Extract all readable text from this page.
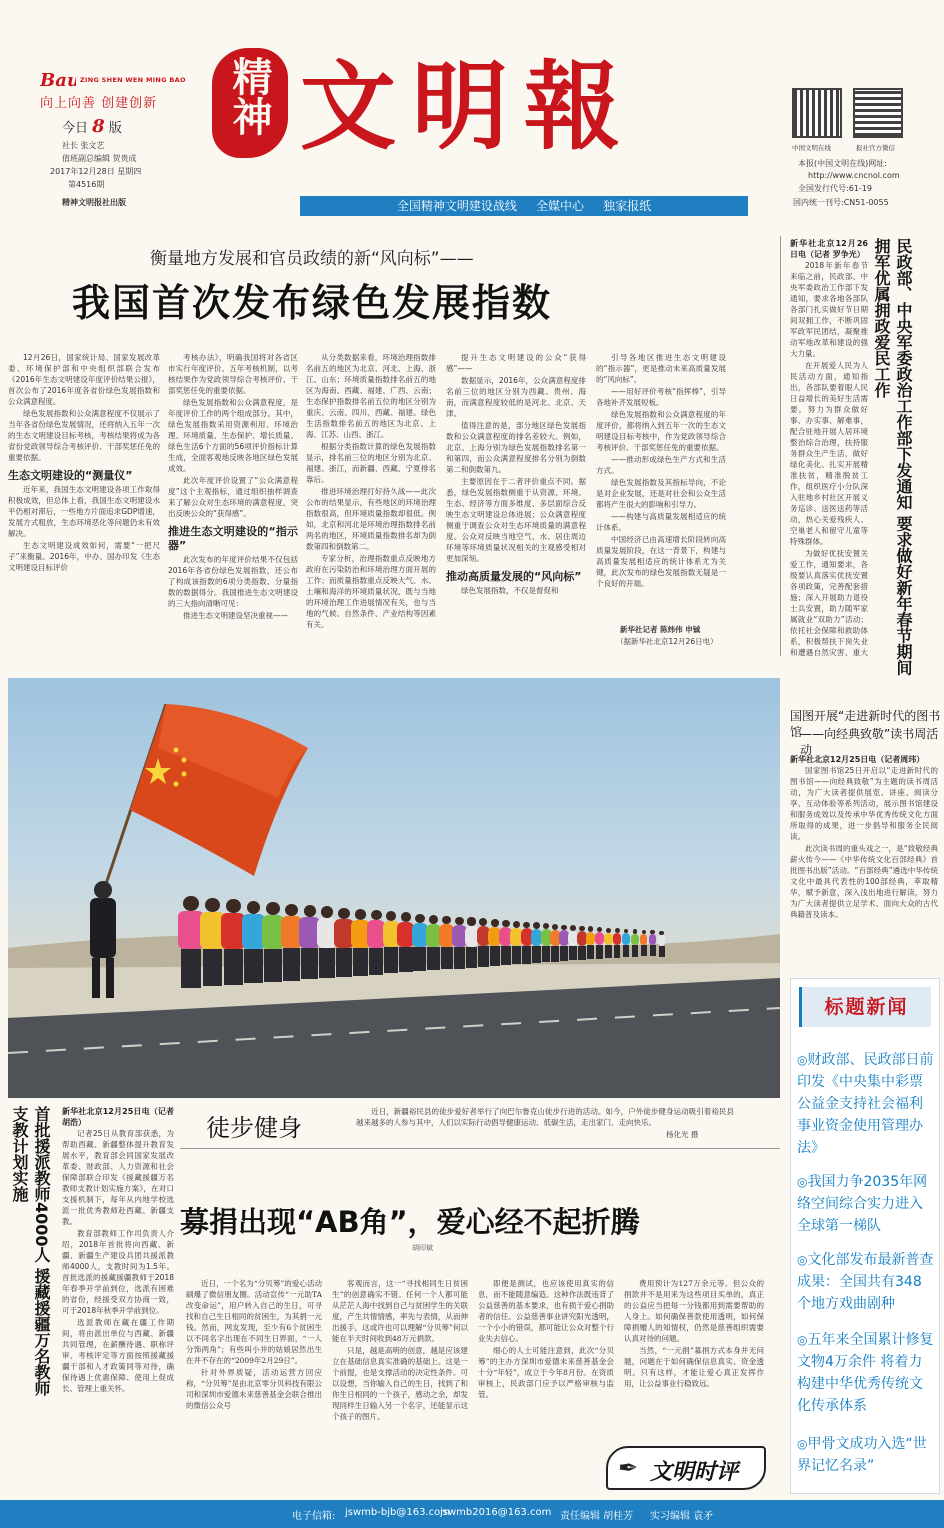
Bau ZING SHEN WEN MING BAO
向上向善 创建创新
今日 8 版
社长 张文艺
值班副总编辑 贺贵成
2017年12月28日 星期四
第4516期
精神文明报社出版
精神 文明報	中国文明在线	报社官方微信
本报(中国文明在线)网址:
http://www.cncnol.com
全国发行代号:61-19
国内统一刊号:CN51-0055
全国精神文明建设战线     全媒中心     独家报纸
衡量地方发展和官员政绩的新“风向标”——
我国首次发布绿色发展指数

12月26日，国家统计局、国家发展改革委、环境保护部和中央组织部联合发布《2016年生态文明建设年度评价结果公报》，首次公布了2016年度各省份绿色发展指数和公众满意程度。

绿色发展指数和公众满意程度不仅展示了当年各省份绿色发展情况，还将纳入五年一次的生态文明建设目标考核，考核结果将成为各省份党政领导综合考核评价、干部奖惩任免的重要依据。

生态文明建设的“测量仪”

近年来，我国生态文明建设各项工作取得积极成效，但总体上看，我国生态文明建设水平仍相对滞后，一些地方片面追求GDP增速，发展方式粗放，生态环境恶化等问题仍未有效解决。

生态文明建设成效如何，需要“一把尺子”来衡量。2016年，中办、国办印发《生态文明建设目标评价

考核办法》，明确我国将对各省区市实行年度评价、五年考核机制，以考核结果作为党政领导综合考核评价、干部奖惩任免的重要依据。

绿色发展指数和公众满意程度，是年度评价工作的两个组成部分。其中，绿色发展指数采用资源利用、环境治理、环境质量、生态保护、增长质量、绿色生活6个方面的56项评价指标计算生成，全面客观地反映各地区绿色发展成效。

此次年度评价设置了“公众满意程度”这个主观指标，通过组织抽样调查来了解公众对生态环境的满意程度，突出反映公众的“获得感”。

推进生态文明建设的“指示器”

此次发布的年度评价结果不仅包括2016年各省份绿色发展指数，还公布了构成该指数的6项分类指数、分量指数的数据得分。我国推进生态文明建设的三大指向清晰可见：

推进生态文明建设坚决重视——

从分类数据来看，环境治理指数排名前五的地区为北京、河北、上海、浙江、山东；环境质量指数排名前五的地区为海南、西藏、福建、广西、云南；生态保护指数排名前五位的地区分别为重庆、云南、四川、西藏、福建。绿色生活指数排名前五的地区为北京、上海、江苏、山西、浙江。

根据分类指数计算的绿色发展指数显示，排名前三位的地区分别为北京、福建、浙江，而新疆、西藏、宁夏排名靠后。

推进环境治理打好持久战——此次公布的结果显示，有些地区的环境治理指数很高，但环境质量指数却很低。例如，北京和河北是环境治理指数排名前两名的地区，环境质量指数排名却为倒数第四和倒数第二。

专家分析，治理指数重点反映地方政府在污染防治和环境治理方面开展的工作；而质量指数重点反映大气、水、土壤和海洋的环境质量状况，既与当地的环境治理工作进展情况有关，也与当地的气候、自然条件、产业结构等因素有关。

提升生态文明建设的公众“获得感”——

数据显示，2016年，公众满意程度排名前三位的地区分别为西藏、贵州、海南，而满意程度较低的是河北、北京、天津。

值得注意的是，部分地区绿色发展指数和公众满意程度的排名差较大。例如，北京、上海分别为绿色发展指数排名第一和第四，而公众满意程度排名分别为倒数第二和倒数第九。

主要原因在于二者评价重点不同。据悉，绿色发展指数侧重于从资源、环境、生态、经济等方面多维度、多层面综合反映生态文明建设总体进展；公众满意程度侧重于调查公众对生态环境质量的满意程度。公众对反映当地空气、水、居住周边环境等环境质量状况相关的主观感受相对更加深刻。

推动高质量发展的“风向标”

绿色发展指数，不仅是督促和

引导各地区推进生态文明建设的“指示器”，更是推动未来高质量发展的“风向标”。

——用好评价考核“指挥棒”，引导各地补齐发展短板。

绿色发展指数和公众满意程度的年度评价，都将纳入到五年一次的生态文明建设目标考核中，作为党政领导综合考核评价、干部奖惩任免的重要依据。

——推动形成绿色生产方式和生活方式。

绿色发展指数及其指标导向，不论是对企业发展，还是对社会和公众生活都将产生很大的影响和引导力。

——构建与高质量发展相适应的统计体系。

中国经济已由高速增长阶段转向高质量发展阶段，在这一背景下，构建与高质量发展相适应的统计体系尤为关键，此次发布的绿色发展指数无疑是一个良好的开端。

新华社记者 陈炜伟 申铖
（据新华社北京12月26日电）	民政部、中央军委政治工作部下发通知 要求做好新年春节期间拥军优属拥政爱民工作

新华社北京12月26日电（记者 罗争光）

2018年新年春节来临之前，民政部、中央军委政治工作部下发通知，要求各地各部队各部门扎实做好节日期间双拥工作，不断巩固军政军民团结，凝聚推动军地改革和建设的强大力量。

在开展爱人民为人民活动方面，通知指出，各部队要着眼人民日益增长的美好生活需要，努力为群众做好事、办实事、解难事，配合驻地开展人居环境整治综合治理，扶持服务群众生产生活，做好绿化美化、扎实开展精准扶贫，精准脱贫工作，组织医疗小分队深入驻地乡村社区开展义务巡诊、送医送药等活动，热心关爱残疾人、空巢老人和留守儿童等特殊群体。

为做好优抚安置关爱工作，通知要求，各级要认真落实优抚安置各项政策，完善配套措施；深入开展助力退役士兵安置，助力随军家属就业“双助力”活动；依托社会保障和救助体系，积极帮扶下岗失业和遭遇自然灾害、重大

国图开展“走进新时代的图书馆
——向经典致敬”读书周活动

新华社北京12月25日电（记者周玮）

国家图书馆25日开启以“走进新时代的图书馆——向经典致敬”为主题的读书周活动，为广大读者提供展览、讲座、阅读分享、互动体验等系列活动，展示图书馆建设和服务成效以及传承中华优秀传统文化方面所取得的成果，进一步倡导和服务全民阅读。

此次读书周的重头戏之一，是“致敬经典 薪火传今——《中华传统文化百部经典》首批图书出版”活动。“百部经典”遴选中华传统文化中最具代表性的100部经典，萃取精华，赋予新意，深入浅出地进行解读，努力为广大读者提供立足学术、面向大众的古代典籍普及读本。

徒步健身
近日，新疆裕民县的徒步爱好者举行了向巴尔鲁克山徒步行进的活动。如今，户外徒步健身运动吸引着裕民县越来越多的人参与其中，人们以实际行动倡导健康运动、低碳生活，走出家门、走向快乐。
杨化光 摄
首批援派教师4000人 援藏援疆万名教师支教计划实施	新华社北京12月25日电（记者胡浩）

记者25日从教育部获悉，为帮助西藏、新疆整体提升教育发展水平，教育部会同国家发展改革委、财政部、人力资源和社会保障部联合印发《援藏援疆万名教师支教计划实施方案》，在对口支援机制下，每年从内地学校选派一批优秀教师赴西藏、新疆支教。

教育部教师工作司负责人介绍，2018年首批将向西藏、新疆、新疆生产建设兵团共援派教师4000人，支教时间为1.5年。首批选派的援藏援疆教师于2018年春季开学前到位，选派有困难的省份，经援受双方协商一致，可于2018年秋季开学前到位。

选派教师在藏在疆工作期间，将由派出单位与西藏、新疆共同管理，在薪酬待遇、职称评审、考核评定等方面按照援藏援疆干部和人才政策同等对待，确保待遇上优惠保障、使用上促成长、管理上重关怀。

募捐出现“AB角”，爱心经不起折腾
胡印斌

近日，一个名为“分贝筹”的爱心活动刷爆了微信朋友圈。活动宣传“一元助TA改变命运”，用户转入自己的生日，可寻找和自己生日相同的贫困生，为其捐一元钱。然而，网友发现，至少有6个贫困生以不同名字出现在不同生日界面，“一人分饰两角”；有些叫小井的姑娘居然出生在并不存在的“2009年2月29日”。

针对外界质疑，活动运营方回应称，“分贝筹”是由北京零分贝科技有限公司和深圳市爱德未来慈善基金会联合推出的微信公众号

客观而言，这一“寻找相同生日贫困生”的创意确实不错。任何一个人都可能从茫茫人海中找到自己与贫困学生的关联度，产生共情情感，率先与表情，从而伸出援手，这或许也可以理解“分贝筹”何以能在半天时间收到48万元捐款。

只是，越是高明的创意，越是应该建立在基础信息真实准确的基础上。这是一个前提，也是支撑活动的决定性条件。可以设想，当你输入自己的生日，找到了和你生日相同的一个孩子，感动之余，却发现同样生日输入另一个名字，还能显示这个孩子的图片。

即便是测试，也应该使用真实的信息，而不能随意编造。这种作法既违背了公益慈善的基本要求，也有损于爱心捐助者的信任。公益慈善事业讲究阳光透明，一个小小的错误，都可能让公众对整个行业失去信心。

细心的人士可能注意到，此次“分贝筹”的主办方深圳市爱德未来慈善基金会十分“年轻”，成立于今年8月份。在资质审核上，民政部门应予以严格审核与监管。

费用预计为127万余元等。但公众的捐款并不是用来为这些项目买单的，真正的公益应当把每一分钱都用到需要帮助的人身上。如何确保善款使用透明，如何保障捐赠人的知情权，仍然是慈善组织需要认真对待的问题。

当然，“一元捐”募捐方式本身并无问题，问题在于如何确保信息真实、资金透明。只有这样，才能让爱心真正发挥作用，让公益事业行稳致远。

✒ 文明时评
标题新闻
◎财政部、民政部日前印发《中央集中彩票公益金支持社会福利事业资金使用管理办法》
◎我国力争2035年网络空间综合实力进入全球第一梯队
◎文化部发布最新普查成果：全国共有348个地方戏曲剧种
◎五年来全国累计修复文物4万余件 将着力构建中华优秀传统文化传承体系
◎甲骨文成功入选“世界记忆名录”
电子信箱: jswmb-bjb@163.com
jswmb2016@163.com 责任编辑 胡桂芳 实习编辑 袁矛
